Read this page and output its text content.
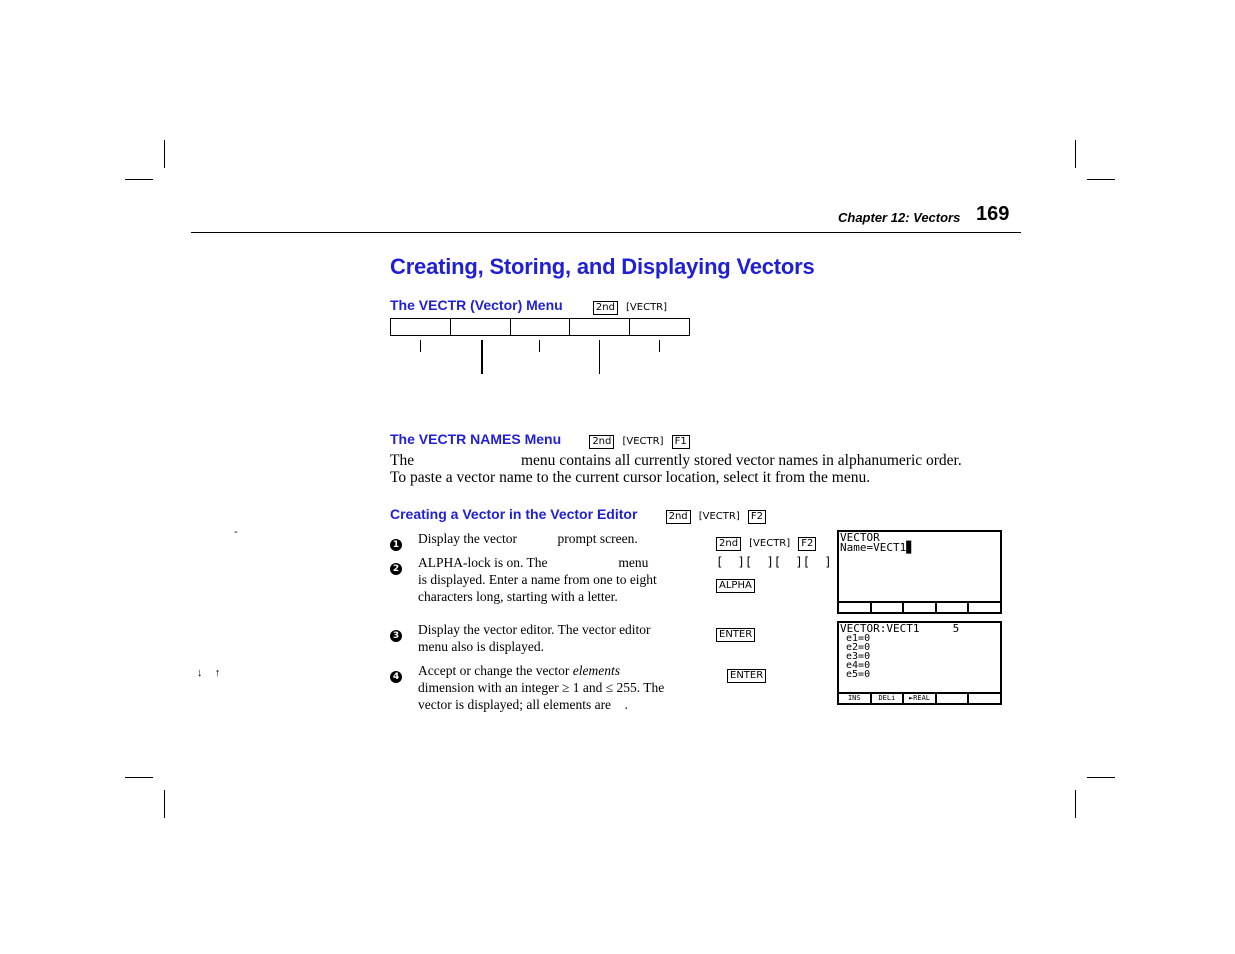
Chapter 12: Vectors 169
Creating, Storing, and Displaying Vectors
The VECTR (Vector) Menu	2nd [VECTR]
The VECTR NAMES Menu	2nd [VECTR] F1
The	menu contains all currently stored vector names in alphanumeric order.
To paste a vector name to the current cursor location, select it from the menu.
Creating a Vector in the Vector Editor	2nd [VECTR] F2
-
↓    ↑
1 Display the vector            prompt screen.	2nd [VECTR] F2
2 ALPHA-lock is on. The                     menu
is displayed. Enter a name from one to eight
characters long, starting with a letter.
[  ][  ][  ][  ]
ALPHA
3 Display the vector editor. The vector editor
menu also is displayed.
ENTER
4 Accept or change the vector elements
dimension with an integer ≥ 1 and ≤ 255. The
vector is displayed; all elements are    .
ENTER
VECTOR
Name=VECT1▊
VECTOR:VECT1     5
e1=0
e2=0
e3=0
e4=0
e5=0
INS	DELi	►REAL
